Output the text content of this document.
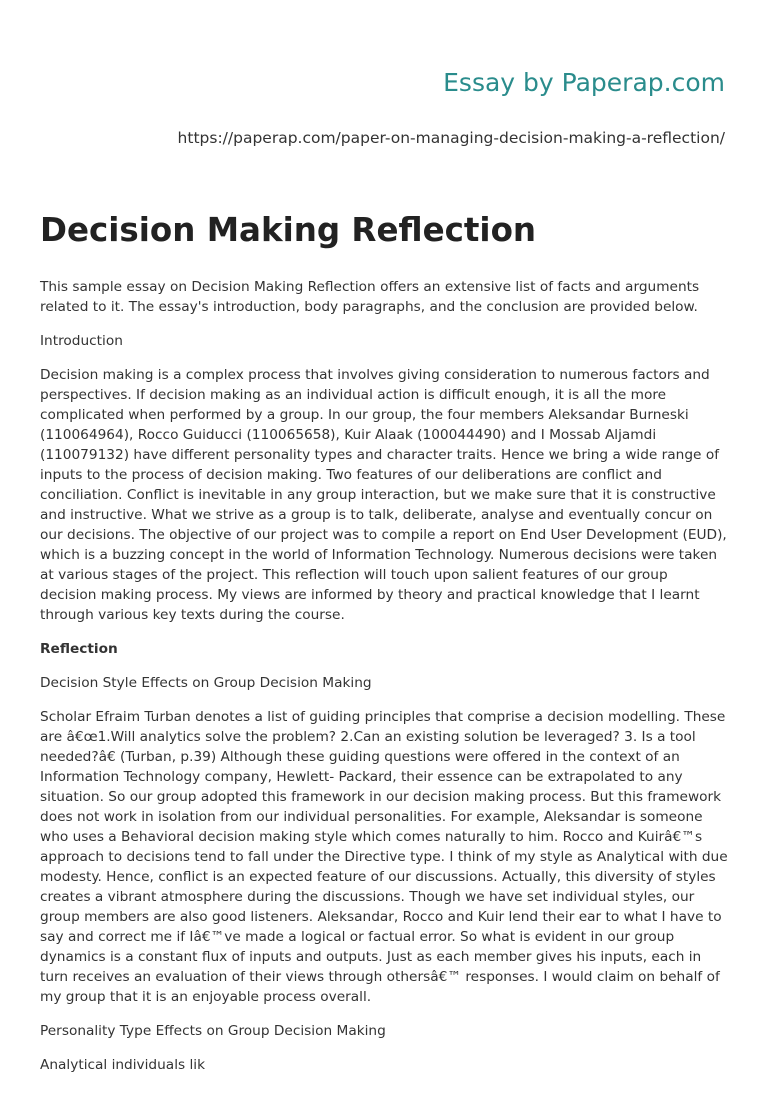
Essay by Paperap.com
https://paperap.com/paper-on-managing-decision-making-a-reflection/
Decision Making Reflection

This sample essay on Decision Making Reflection offers an extensive list of facts and arguments related to it. The essay's introduction, body paragraphs, and the conclusion are provided below.

Introduction

Decision making is a complex process that involves giving consideration to numerous factors and perspectives. If decision making as an individual action is difficult enough, it is all the more complicated when performed by a group. In our group, the four members Aleksandar Burneski (110064964), Rocco Guiducci (110065658), Kuir Alaak (100044490) and I Mossab Aljamdi (110079132) have different personality types and character traits. Hence we bring a wide range of inputs to the process of decision making. Two features of our deliberations are conflict and conciliation. Conflict is inevitable in any group interaction, but we make sure that it is constructive and instructive. What we strive as a group is to talk, deliberate, analyse and eventually concur on our decisions. The objective of our project was to compile a report on End User Development (EUD), which is a buzzing concept in the world of Information Technology. Numerous decisions were taken at various stages of the project. This reflection will touch upon salient features of our group decision making process. My views are informed by theory and practical knowledge that I learnt through various key texts during the course.

Reflection

Decision Style Effects on Group Decision Making

Scholar Efraim Turban denotes a list of guiding principles that comprise a decision modelling. These are â€œ1.Will analytics solve the problem? 2.Can an existing solution be leveraged? 3. Is a tool needed?â€ (Turban, p.39) Although these guiding questions were offered in the context of an Information Technology company, Hewlett- Packard, their essence can be extrapolated to any situation. So our group adopted this framework in our decision making process. But this framework does not work in isolation from our individual personalities. For example, Aleksandar is someone who uses a Behavioral decision making style which comes naturally to him. Rocco and Kuirâ€™s approach to decisions tend to fall under the Directive type. I think of my style as Analytical with due modesty. Hence, conflict is an expected feature of our discussions. Actually, this diversity of styles creates a vibrant atmosphere during the discussions. Though we have set individual styles, our group members are also good listeners. Aleksandar, Rocco and Kuir lend their ear to what I have to say and correct me if Iâ€™ve made a logical or factual error. So what is evident in our group dynamics is a constant flux of inputs and outputs. Just as each member gives his inputs, each in turn receives an evaluation of their views through othersâ€™ responses. I would claim on behalf of my group that it is an enjoyable process overall.

Personality Type Effects on Group Decision Making

Analytical individuals lik
